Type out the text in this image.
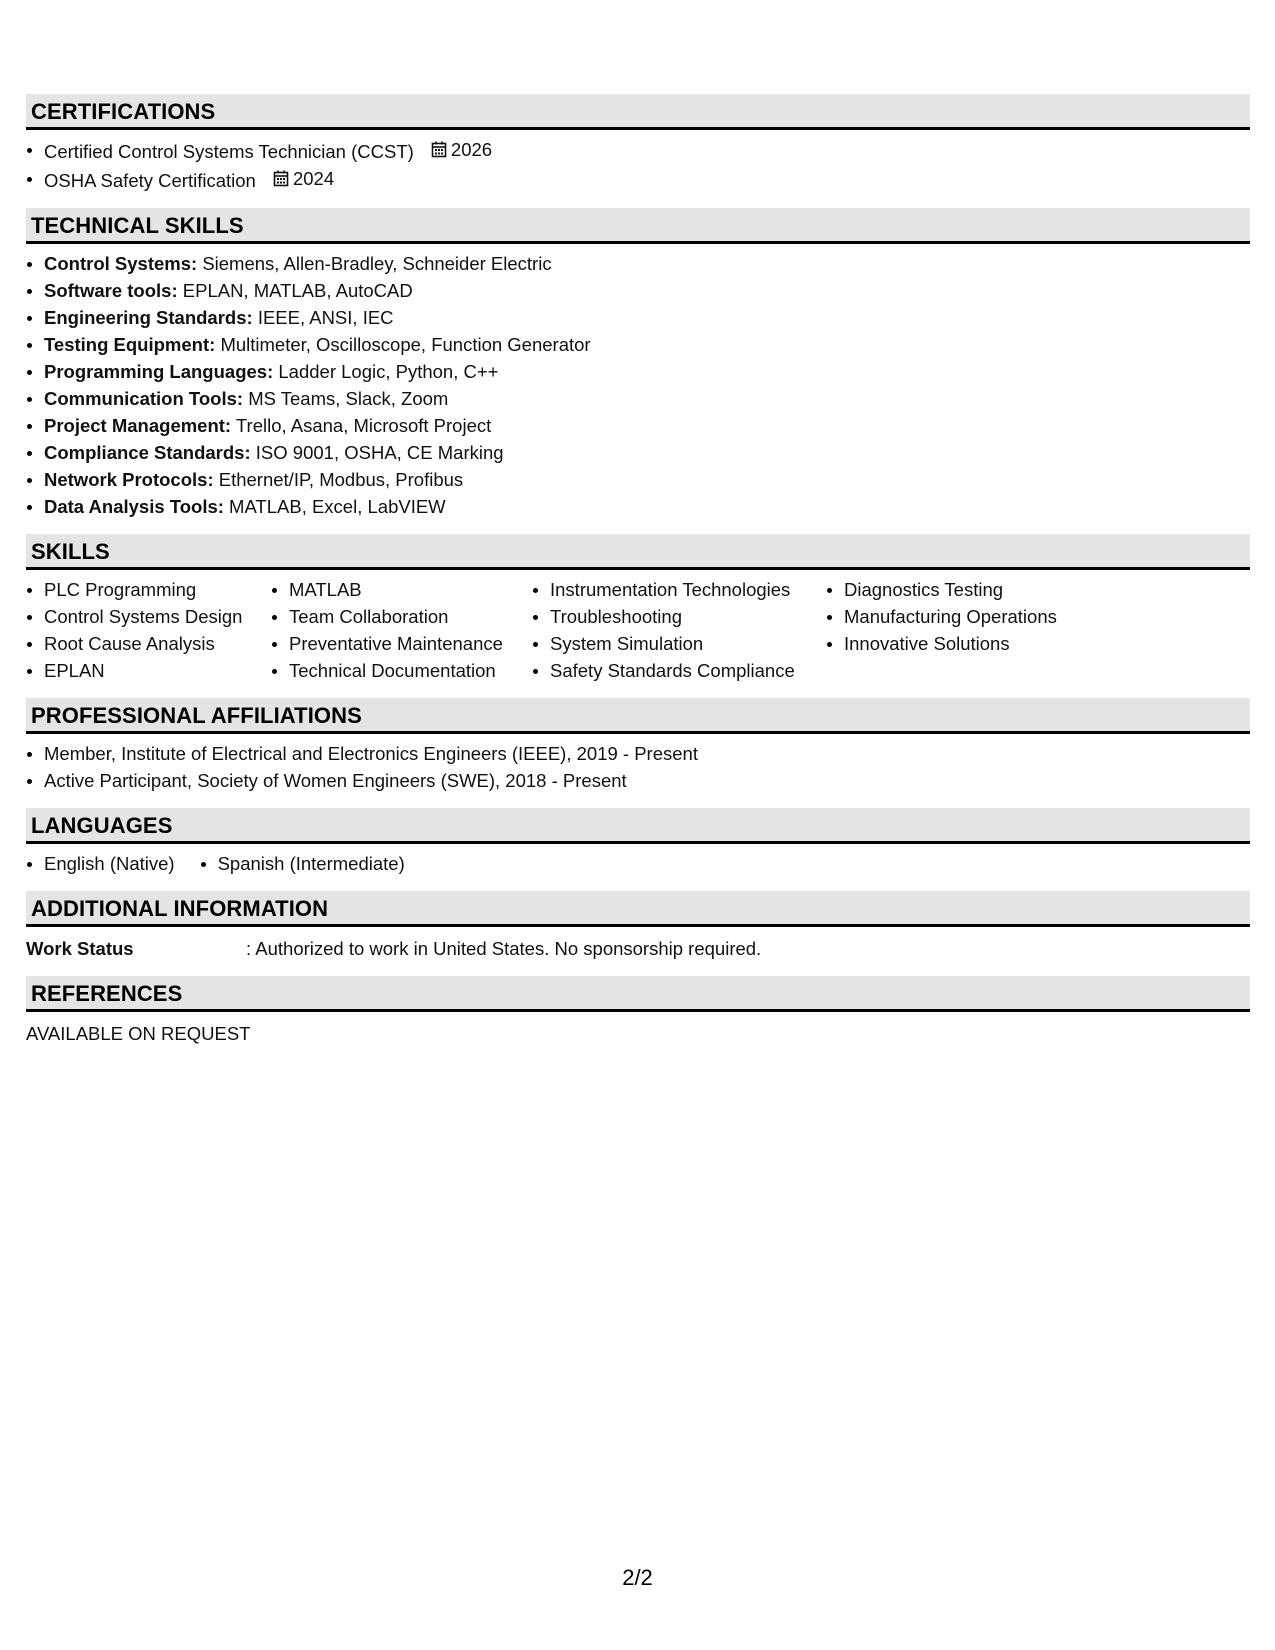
CERTIFICATIONS
Certified Control Systems Technician (CCST) 2026
OSHA Safety Certification 2024
TECHNICAL SKILLS
Control Systems: Siemens, Allen-Bradley, Schneider Electric
Software tools: EPLAN, MATLAB, AutoCAD
Engineering Standards: IEEE, ANSI, IEC
Testing Equipment: Multimeter, Oscilloscope, Function Generator
Programming Languages: Ladder Logic, Python, C++
Communication Tools: MS Teams, Slack, Zoom
Project Management: Trello, Asana, Microsoft Project
Compliance Standards: ISO 9001, OSHA, CE Marking
Network Protocols: Ethernet/IP, Modbus, Profibus
Data Analysis Tools: MATLAB, Excel, LabVIEW
SKILLS
PLC Programming
Control Systems Design
Root Cause Analysis
EPLAN
MATLAB
Team Collaboration
Preventative Maintenance
Technical Documentation
Instrumentation Technologies
Troubleshooting
System Simulation
Safety Standards Compliance
Diagnostics Testing
Manufacturing Operations
Innovative Solutions
PROFESSIONAL AFFILIATIONS
Member, Institute of Electrical and Electronics Engineers (IEEE), 2019 - Present
Active Participant, Society of Women Engineers (SWE), 2018 - Present
LANGUAGES
English (Native)	Spanish (Intermediate)
ADDITIONAL INFORMATION
Work Status	: Authorized to work in United States. No sponsorship required.
REFERENCES
AVAILABLE ON REQUEST
2/2
